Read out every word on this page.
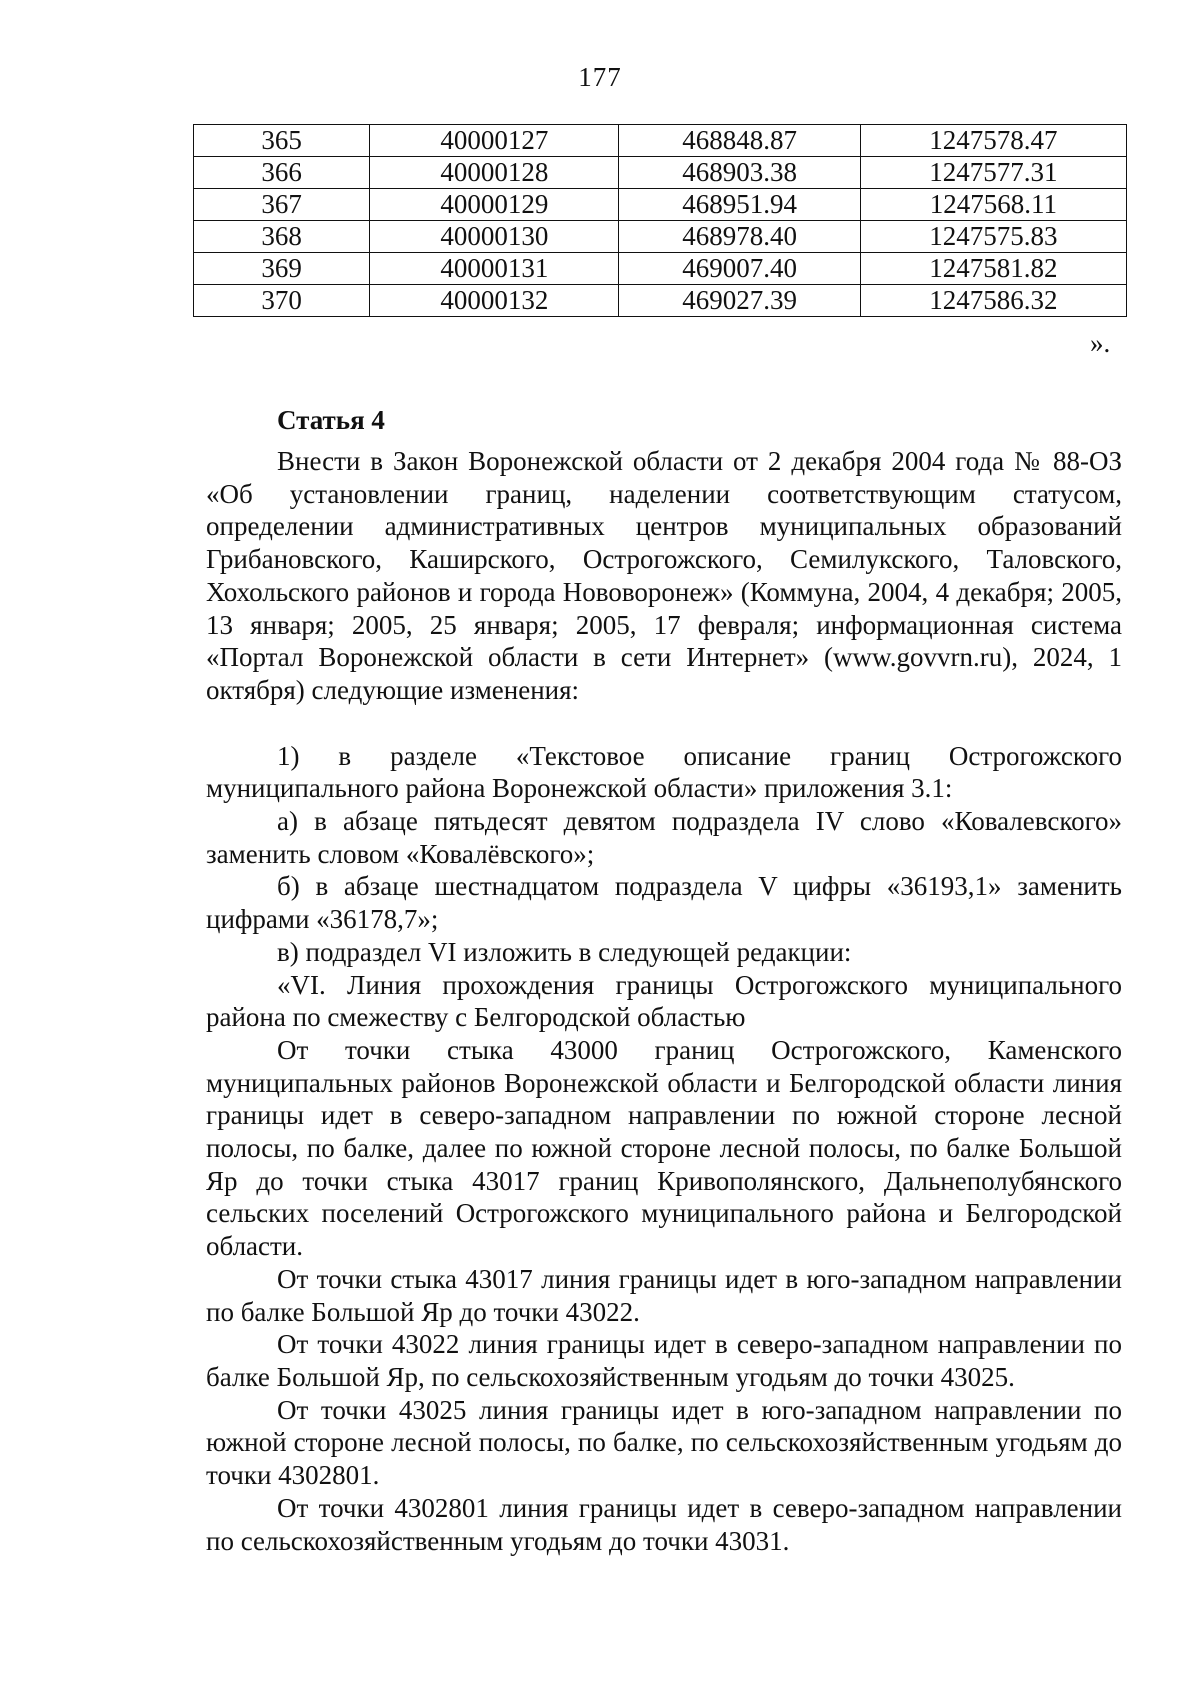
177
365	40000127	468848.87	1247578.47
366	40000128	468903.38	1247577.31
367	40000129	468951.94	1247568.11
368	40000130	468978.40	1247575.83
369	40000131	469007.40	1247581.82
370	40000132	469027.39	1247586.32
».
Статья 4

Внести в Закон Воронежской области от 2 декабря 2004 года № 88-ОЗ «Об установлении границ, наделении соответствующим статусом, определении административных центров муниципальных образований Грибановского, Каширского, Острогожского, Семилукского, Таловского, Хохольского районов и города Нововоронеж» (Коммуна, 2004, 4 декабря; 2005, 13 января; 2005, 25 января; 2005, 17 февраля; информационная система «Портал Воронежской области в сети Интернет» (www.govvrn.ru), 2024, 1 октября) следующие изменения:

1) в разделе «Текстовое описание границ Острогожского муниципального района Воронежской области» приложения 3.1:

а) в абзаце пятьдесят девятом подраздела IV слово «Ковалевского» заменить словом «Ковалёвского»;

б) в абзаце шестнадцатом подраздела V цифры «36193,1» заменить цифрами «36178,7»;

в) подраздел VI изложить в следующей редакции:

«VI. Линия прохождения границы Острогожского муниципального района по смежеству с Белгородской областью

От точки стыка 43000 границ Острогожского, Каменского муниципальных районов Воронежской области и Белгородской области линия границы идет в северо-западном направлении по южной стороне лесной полосы, по балке, далее по южной стороне лесной полосы, по балке Большой Яр до точки стыка 43017 границ Кривополянского, Дальнеполубянского сельских поселений Острогожского муниципального района и Белгородской области.

От точки стыка 43017 линия границы идет в юго-западном направлении по балке Большой Яр до точки 43022.

От точки 43022 линия границы идет в северо-западном направлении по балке Большой Яр, по сельскохозяйственным угодьям до точки 43025.

От точки 43025 линия границы идет в юго-западном направлении по южной стороне лесной полосы, по балке, по сельскохозяйственным угодьям до точки 4302801.

От точки 4302801 линия границы идет в северо-западном направлении по сельскохозяйственным угодьям до точки 43031.
